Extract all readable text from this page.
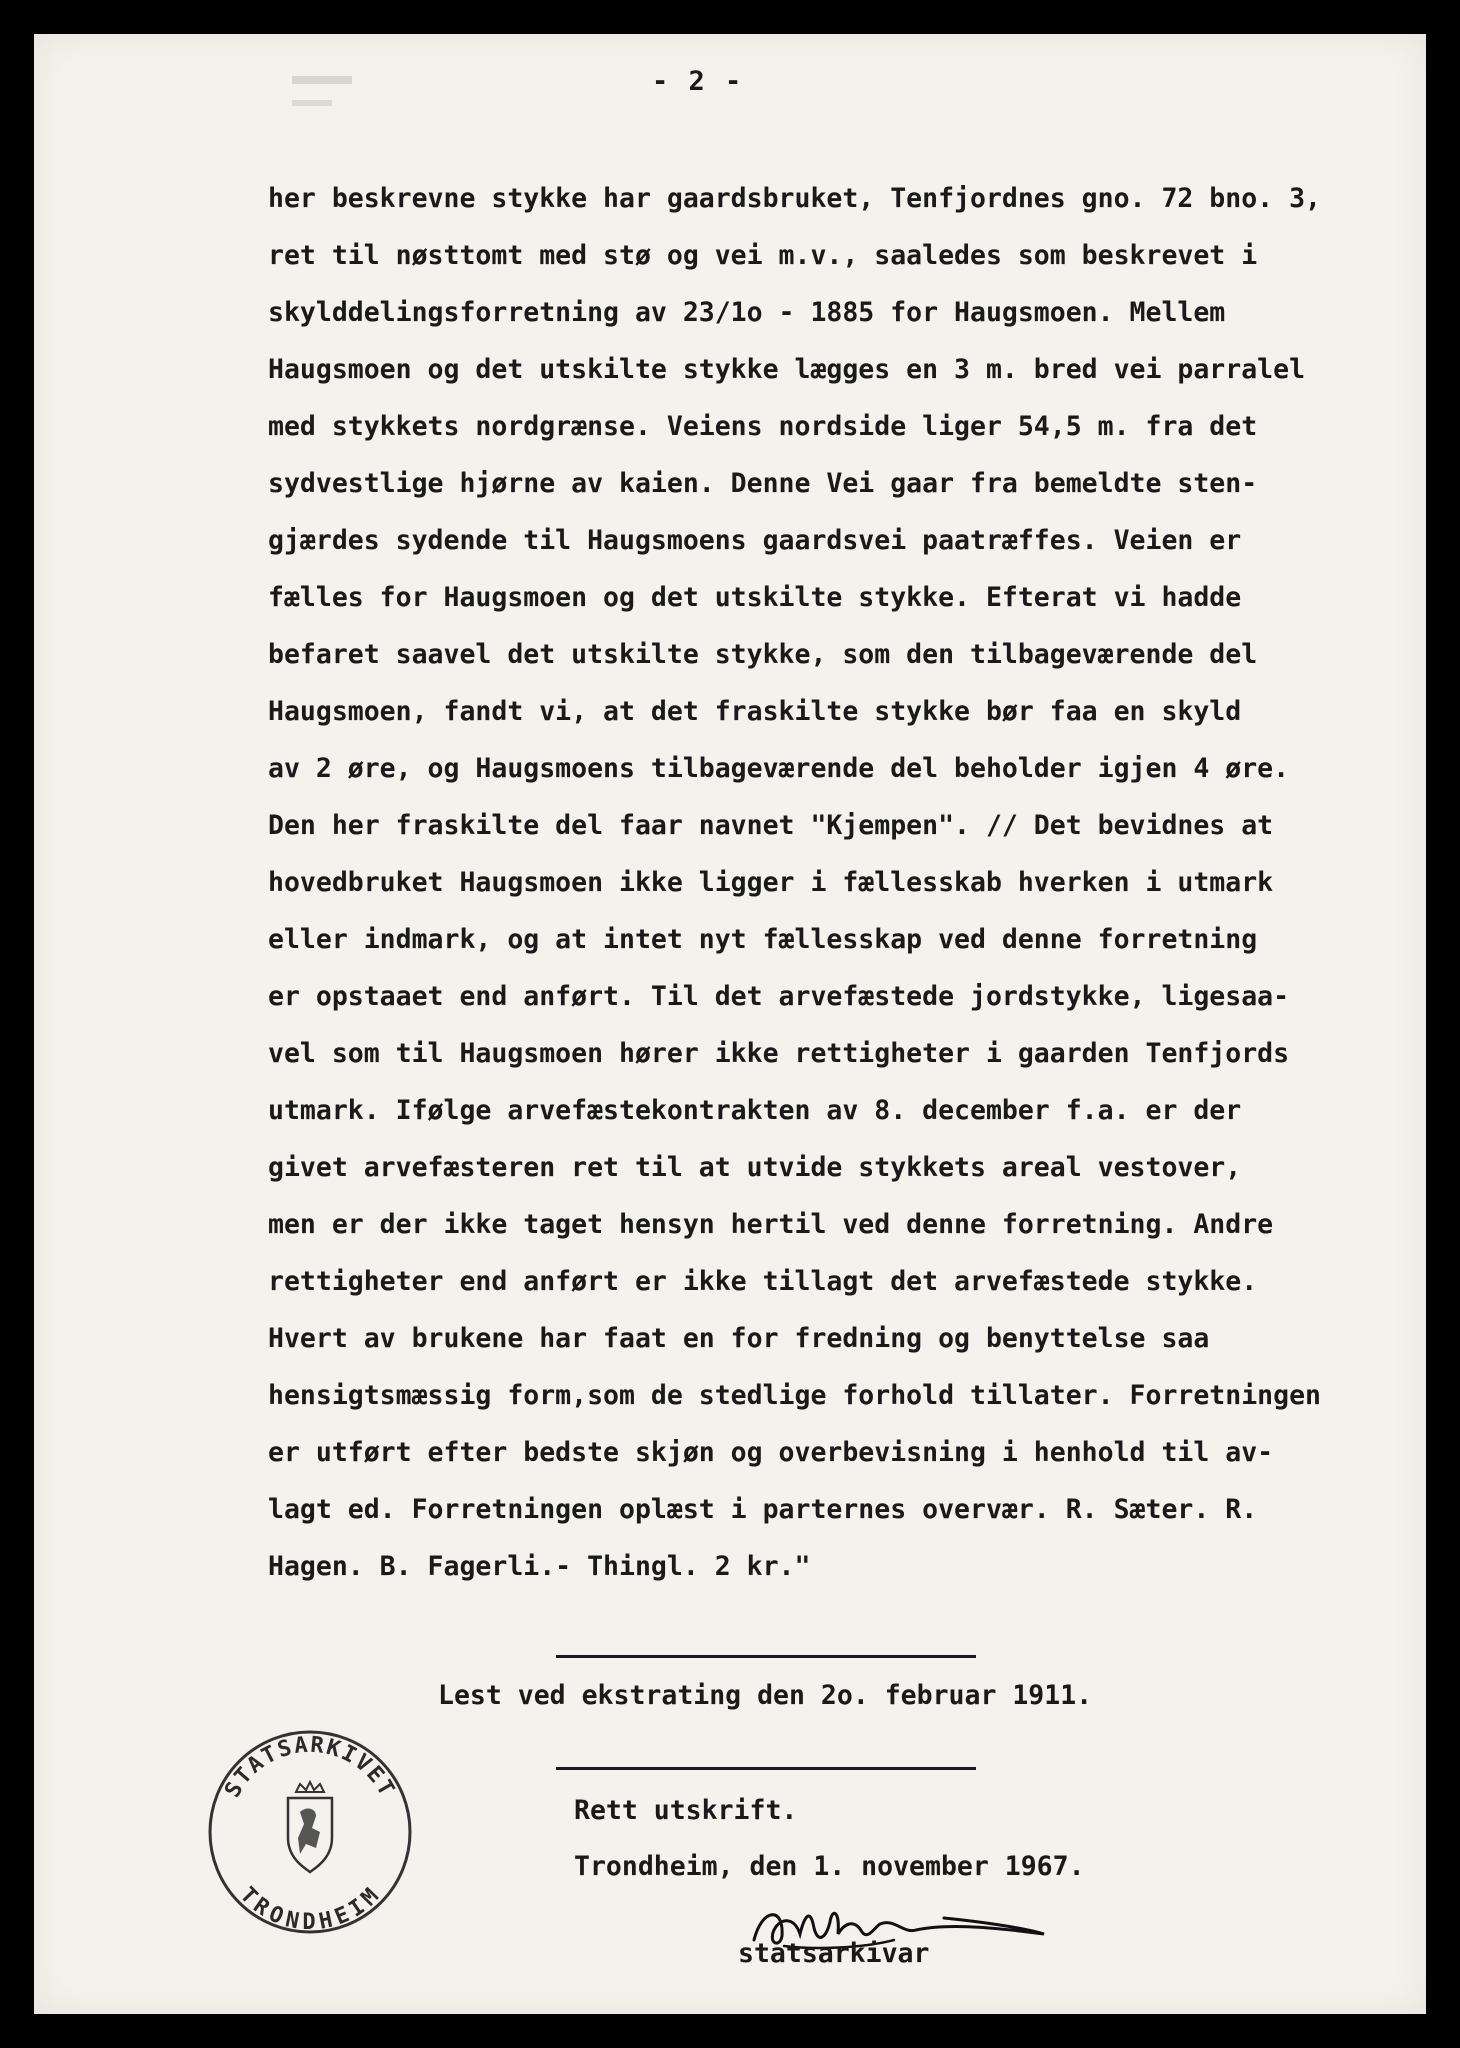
- 2 -
her beskrevne stykke har gaardsbruket, Tenfjordnes gno. 72 bno. 3,
ret til nøsttomt med stø og vei m.v., saaledes som beskrevet i
skylddelingsforretning av 23/1o - 1885 for Haugsmoen. Mellem
Haugsmoen og det utskilte stykke lægges en 3 m. bred vei parralel
med stykkets nordgrænse. Veiens nordside liger 54,5 m. fra det
sydvestlige hjørne av kaien. Denne Vei gaar fra bemeldte sten-
gjærdes sydende til Haugsmoens gaardsvei paatræffes. Veien er
fælles for Haugsmoen og det utskilte stykke. Efterat vi hadde
befaret saavel det utskilte stykke, som den tilbageværende del
Haugsmoen, fandt vi, at det fraskilte stykke bør faa en skyld
av 2 øre, og Haugsmoens tilbageværende del beholder igjen 4 øre.
Den her fraskilte del faar navnet "Kjempen". // Det bevidnes at
hovedbruket Haugsmoen ikke ligger i fællesskab hverken i utmark
eller indmark, og at intet nyt fællesskap ved denne forretning
er opstaaet end anført. Til det arvefæstede jordstykke, ligesaa-
vel som til Haugsmoen hører ikke rettigheter i gaarden Tenfjords
utmark. Ifølge arvefæstekontrakten av 8. december f.a. er der
givet arvefæsteren ret til at utvide stykkets areal vestover,
men er der ikke taget hensyn hertil ved denne forretning. Andre
rettigheter end anført er ikke tillagt det arvefæstede stykke.
Hvert av brukene har faat en for fredning og benyttelse saa
hensigtsmæssig form,som de stedlige forhold tillater. Forretningen
er utført efter bedste skjøn og overbevisning i henhold til av-
lagt ed. Forretningen oplæst i parternes overvær. R. Sæter. R.
Hagen. B. Fagerli.- Thingl. 2 kr."
Lest ved ekstrating den 2o. februar 1911.
Rett utskrift.
Trondheim, den 1. november 1967.
statsarkivar
STATSARKIVET
TRONDHEIM
